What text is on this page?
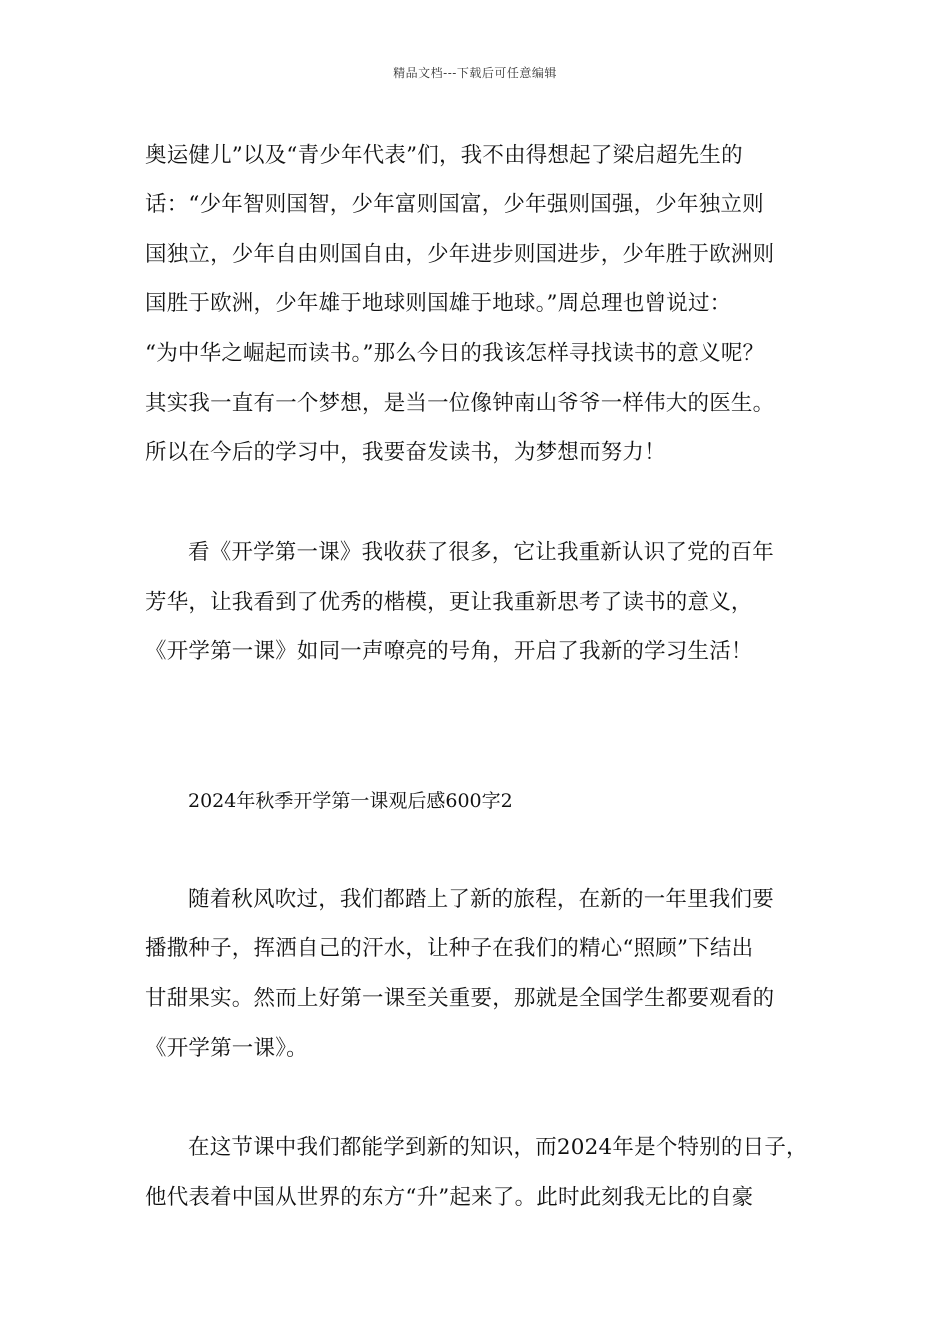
精品文档---下载后可任意编辑
奥运健儿”以及“青少年代表”们，我不由得想起了梁启超先生的
话：“少年智则国智，少年富则国富，少年强则国强，少年独立则
国独立，少年自由则国自由，少年进步则国进步，少年胜于欧洲则
国胜于欧洲，少年雄于地球则国雄于地球。”周总理也曾说过：
“为中华之崛起而读书。”那么今日的我该怎样寻找读书的意义呢？
其实我一直有一个梦想，是当一位像钟南山爷爷一样伟大的医生。
所以在今后的学习中，我要奋发读书，为梦想而努力！
看《开学第一课》我收获了很多，它让我重新认识了党的百年
芳华，让我看到了优秀的楷模，更让我重新思考了读书的意义，
《开学第一课》如同一声嘹亮的号角，开启了我新的学习生活！
2024年秋季开学第一课观后感600字2
随着秋风吹过，我们都踏上了新的旅程，在新的一年里我们要
播撒种子，挥洒自己的汗水，让种子在我们的精心“照顾”下结出
甘甜果实。然而上好第一课至关重要，那就是全国学生都要观看的
《开学第一课》。
在这节课中我们都能学到新的知识，而2024年是个特别的日子，
他代表着中国从世界的东方“升”起来了。此时此刻我无比的自豪
